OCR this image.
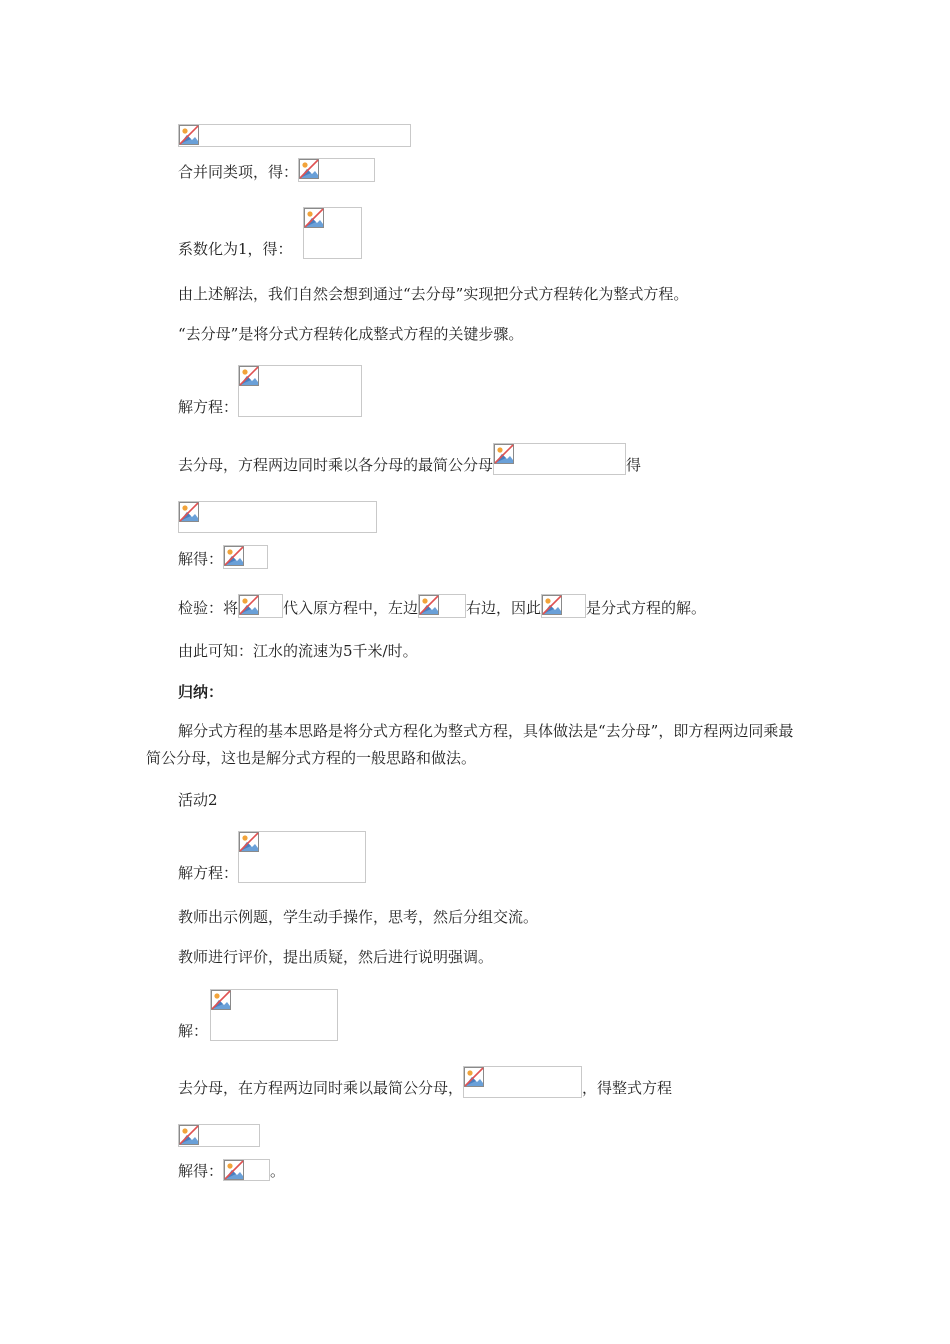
合并同类项，得：
系数化为1，得：
由上述解法，我们自然会想到通过“去分母”实现把分式方程转化为整式方程。
“去分母”是将分式方程转化成整式方程的关键步骤。
解方程：
去分母，方程两边同时乘以各分母的最简公分母	得
解得：
检验：将	代入原方程中，左边	右边，因此	是分式方程的解。
由此可知：江水的流速为5千米/时。
归纳：
解分式方程的基本思路是将分式方程化为整式方程，具体做法是“去分母”，即方程两边同乘最简公分母，这也是解分式方程的一般思路和做法。
活动2
解方程：
教师出示例题，学生动手操作，思考，然后分组交流。
教师进行评价，提出质疑，然后进行说明强调。
解：
去分母，在方程两边同时乘以最简公分母，	，得整式方程
解得：	。
